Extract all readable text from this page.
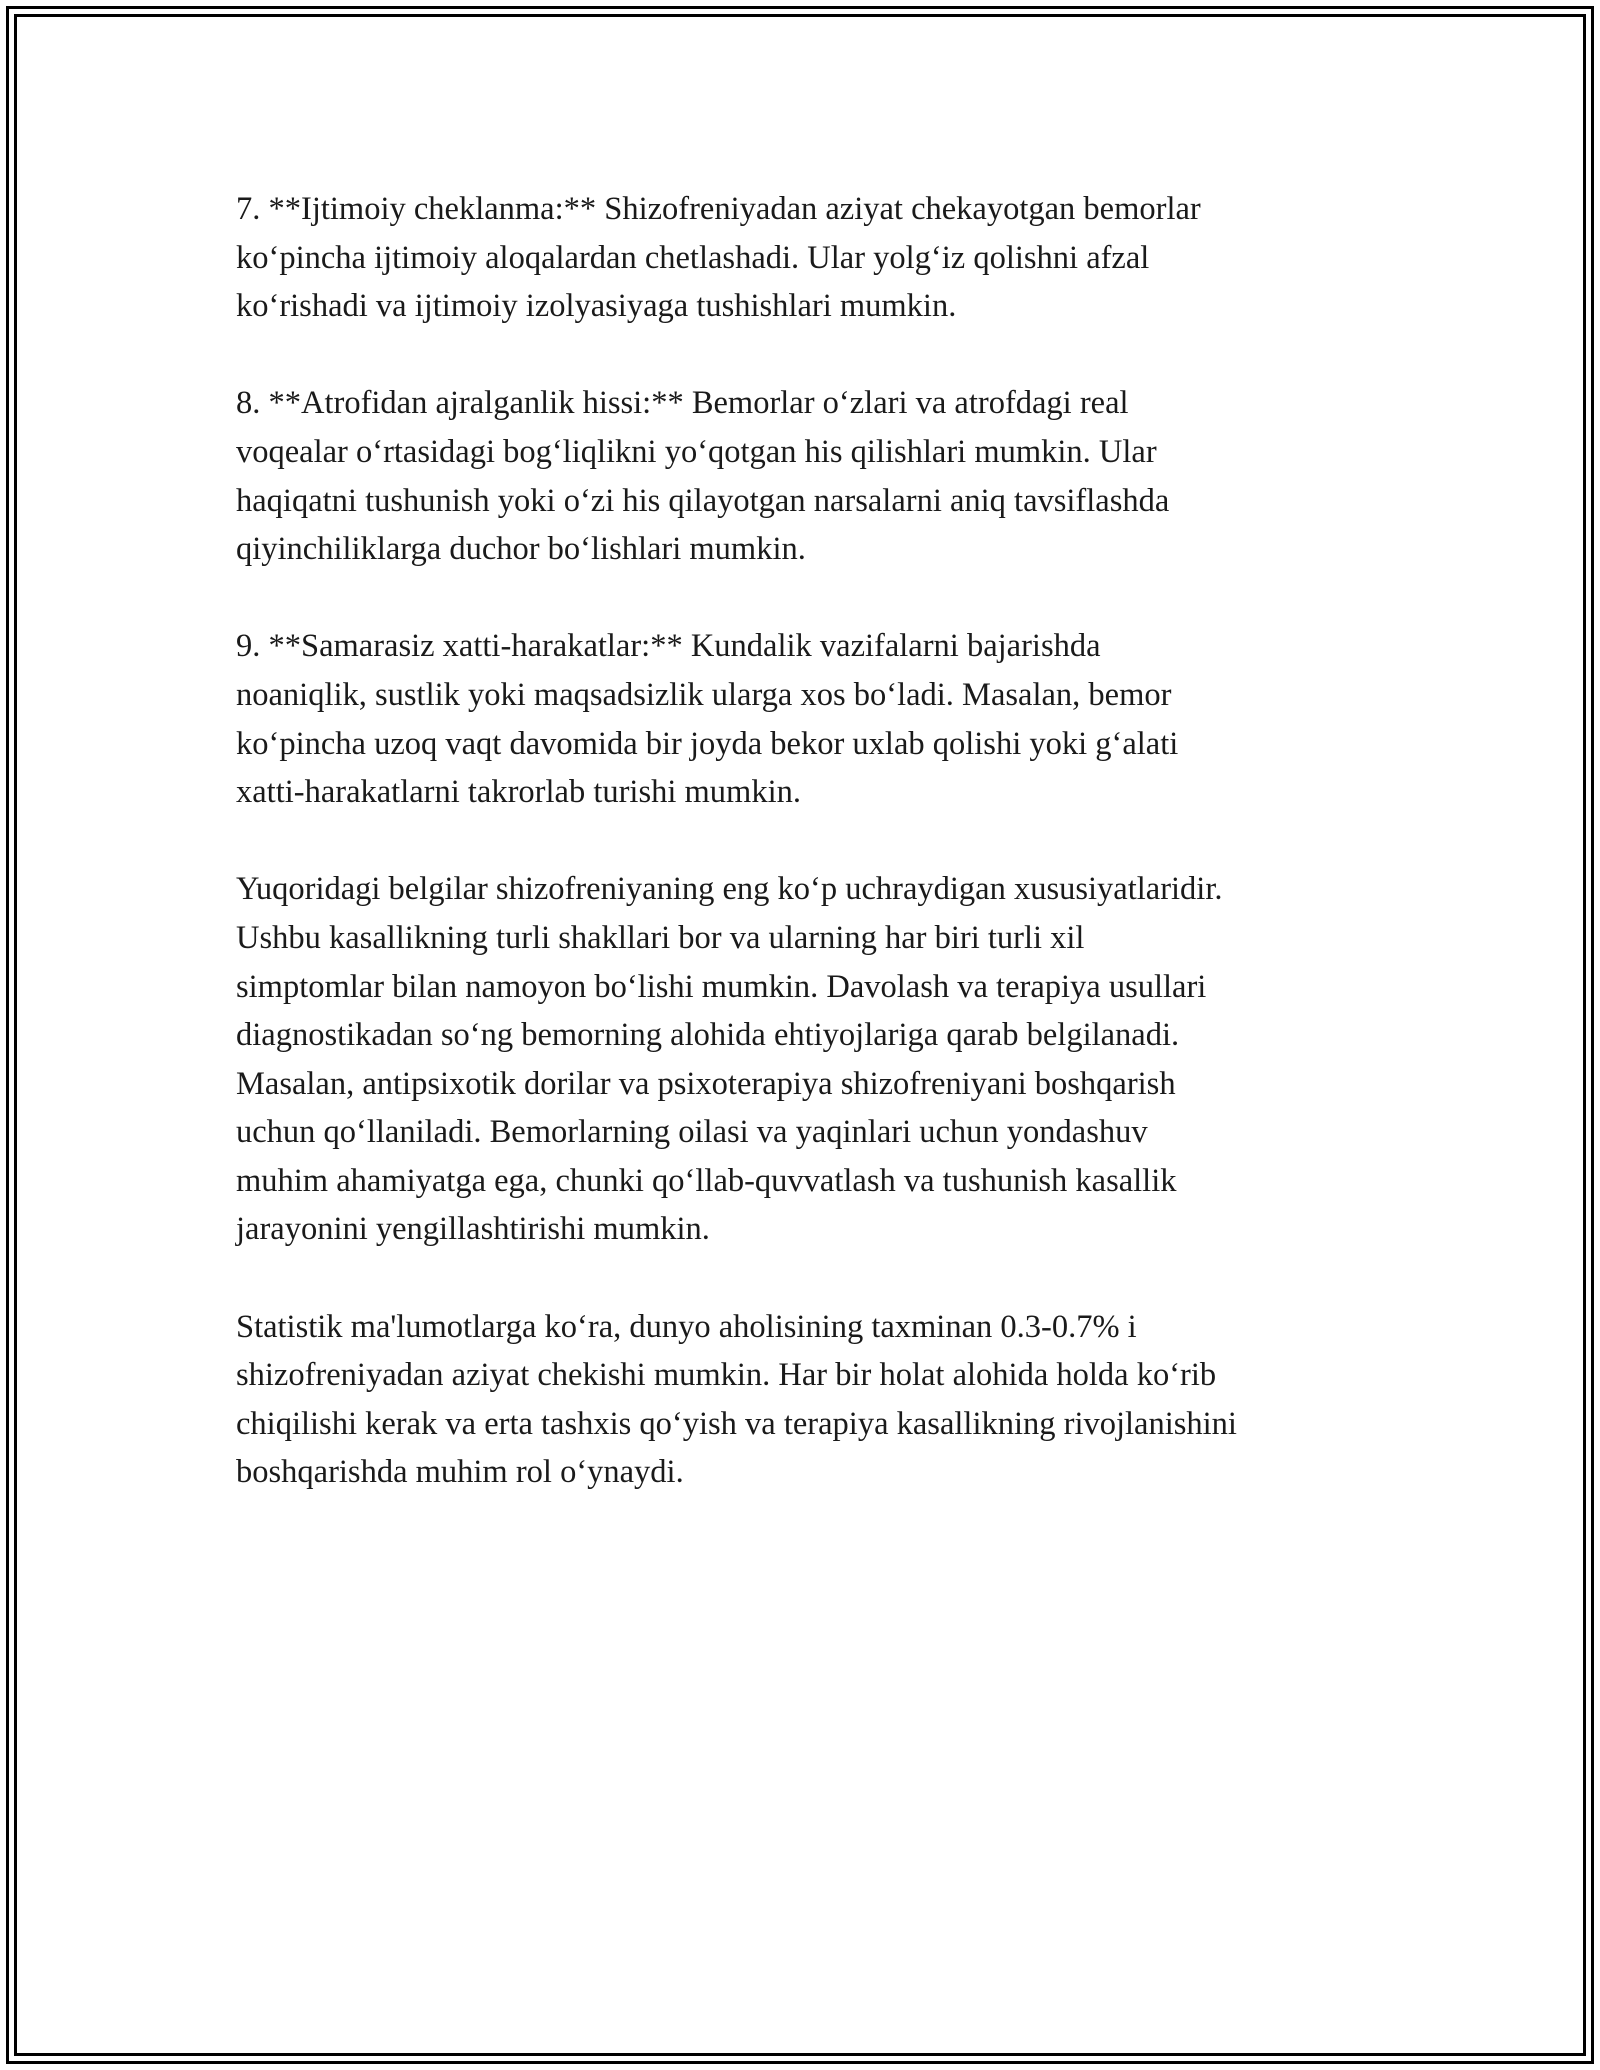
7. **Ijtimoiy cheklanma:** Shizofreniyadan aziyat chekayotgan bemorlar
ko‘pincha ijtimoiy aloqalardan chetlashadi. Ular yolg‘iz qolishni afzal
ko‘rishadi va ijtimoiy izolyasiyaga tushishlari mumkin.

8. **Atrofidan ajralganlik hissi:** Bemorlar o‘zlari va atrofdagi real
voqealar o‘rtasidagi bog‘liqlikni yo‘qotgan his qilishlari mumkin. Ular
haqiqatni tushunish yoki o‘zi his qilayotgan narsalarni aniq tavsiflashda
qiyinchiliklarga duchor bo‘lishlari mumkin.

9. **Samarasiz xatti-harakatlar:** Kundalik vazifalarni bajarishda
noaniqlik, sustlik yoki maqsadsizlik ularga xos bo‘ladi. Masalan, bemor
ko‘pincha uzoq vaqt davomida bir joyda bekor uxlab qolishi yoki g‘alati
xatti-harakatlarni takrorlab turishi mumkin.

Yuqoridagi belgilar shizofreniyaning eng ko‘p uchraydigan xususiyatlaridir.
Ushbu kasallikning turli shakllari bor va ularning har biri turli xil
simptomlar bilan namoyon bo‘lishi mumkin. Davolash va terapiya usullari
diagnostikadan so‘ng bemorning alohida ehtiyojlariga qarab belgilanadi.
Masalan, antipsixotik dorilar va psixoterapiya shizofreniyani boshqarish
uchun qo‘llaniladi. Bemorlarning oilasi va yaqinlari uchun yondashuv
muhim ahamiyatga ega, chunki qo‘llab-quvvatlash va tushunish kasallik
jarayonini yengillashtirishi mumkin.

Statistik ma'lumotlarga ko‘ra, dunyo aholisining taxminan 0.3-0.7% i
shizofreniyadan aziyat chekishi mumkin. Har bir holat alohida holda ko‘rib
chiqilishi kerak va erta tashxis qo‘yish va terapiya kasallikning rivojlanishini
boshqarishda muhim rol o‘ynaydi.
